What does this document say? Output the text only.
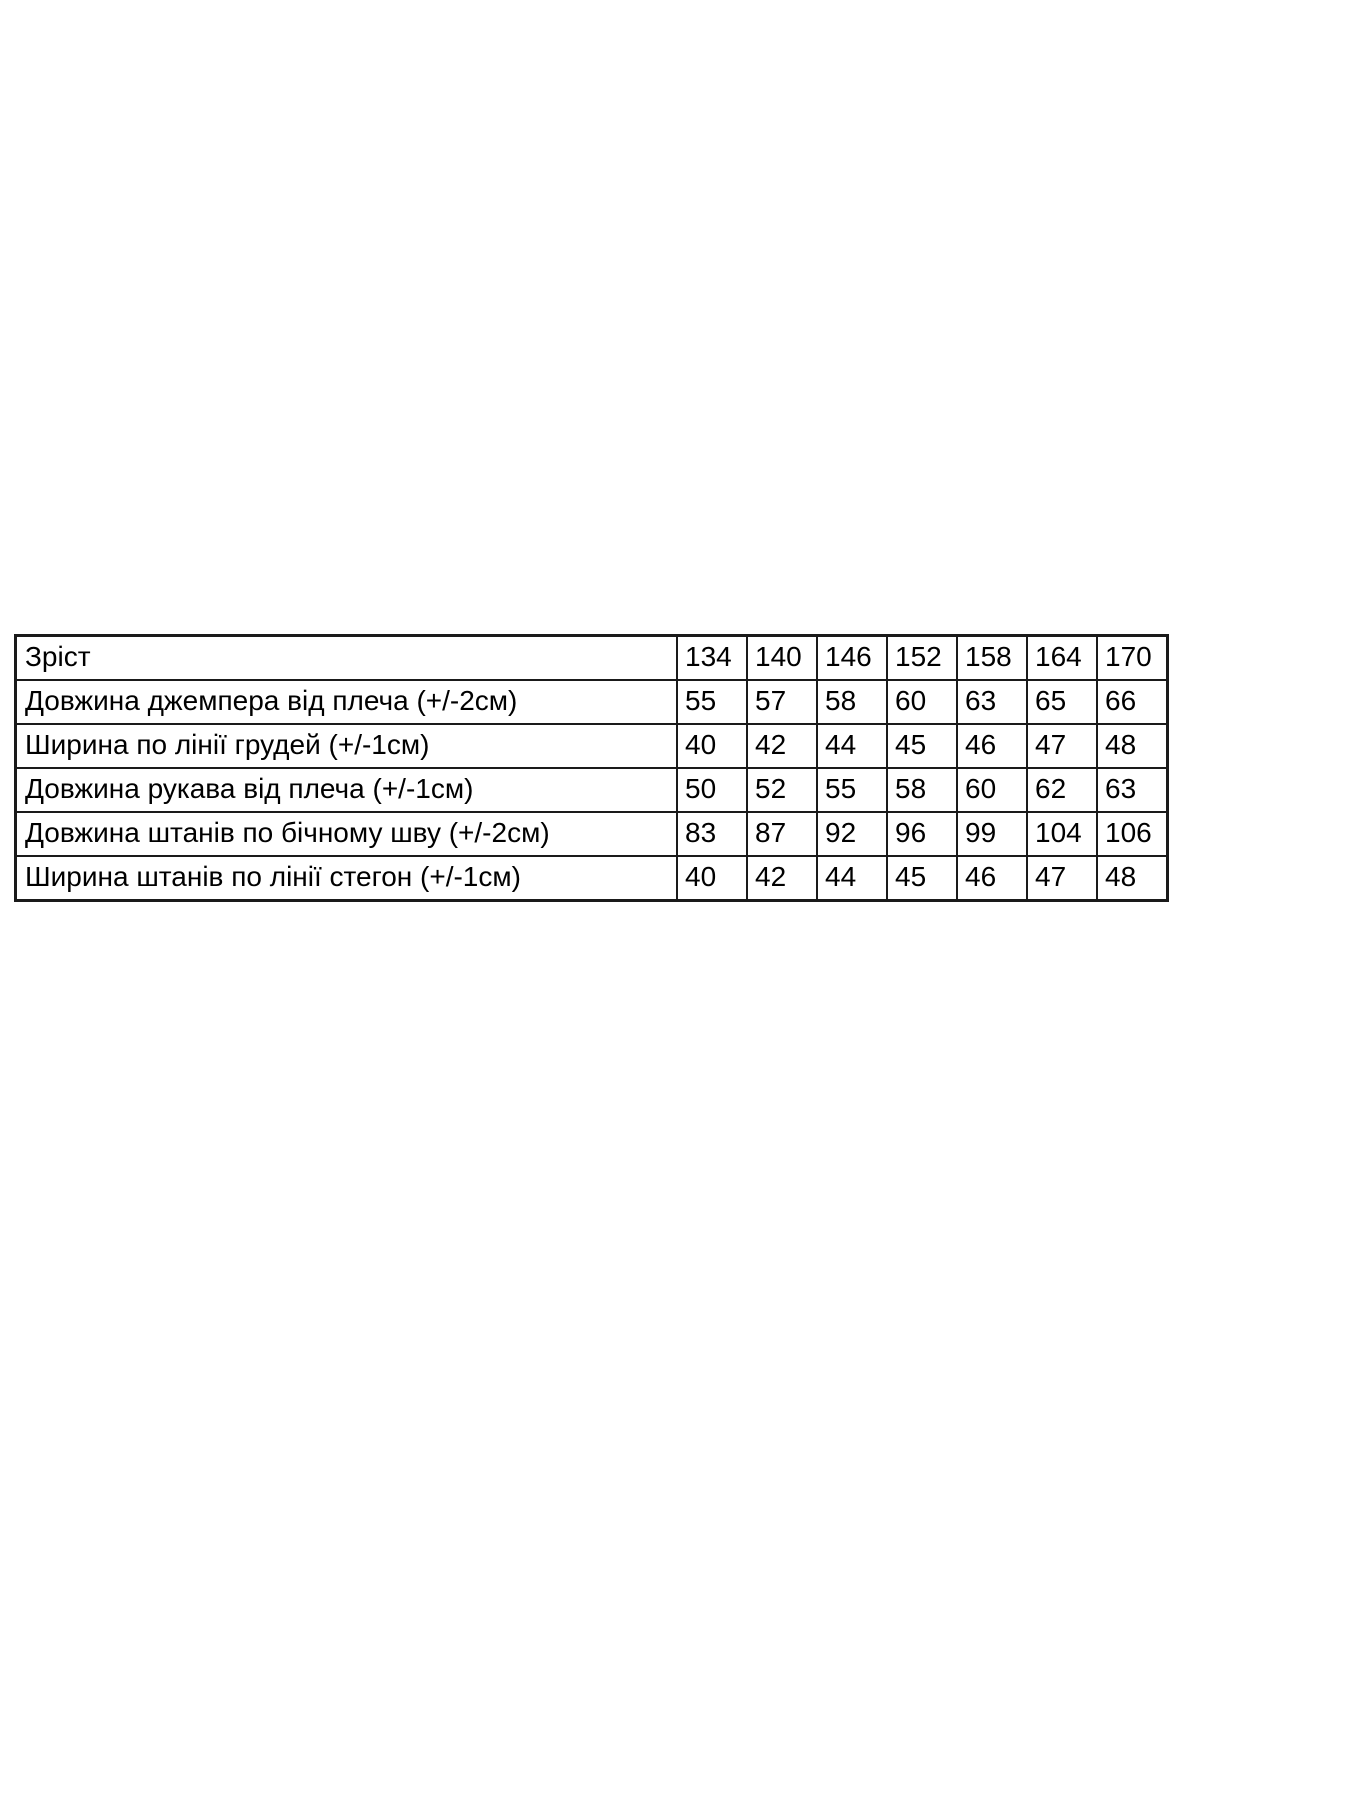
Зріст	134	140	146	152	158	164	170
Довжина джемпера від плеча (+/-2см)	55	57	58	60	63	65	66
Ширина по лінії грудей (+/-1см)	40	42	44	45	46	47	48
Довжина рукава від плеча (+/-1см)	50	52	55	58	60	62	63
Довжина штанів по бічному шву (+/-2см)	83	87	92	96	99	104	106
Ширина штанів по лінії стегон (+/-1см)	40	42	44	45	46	47	48
